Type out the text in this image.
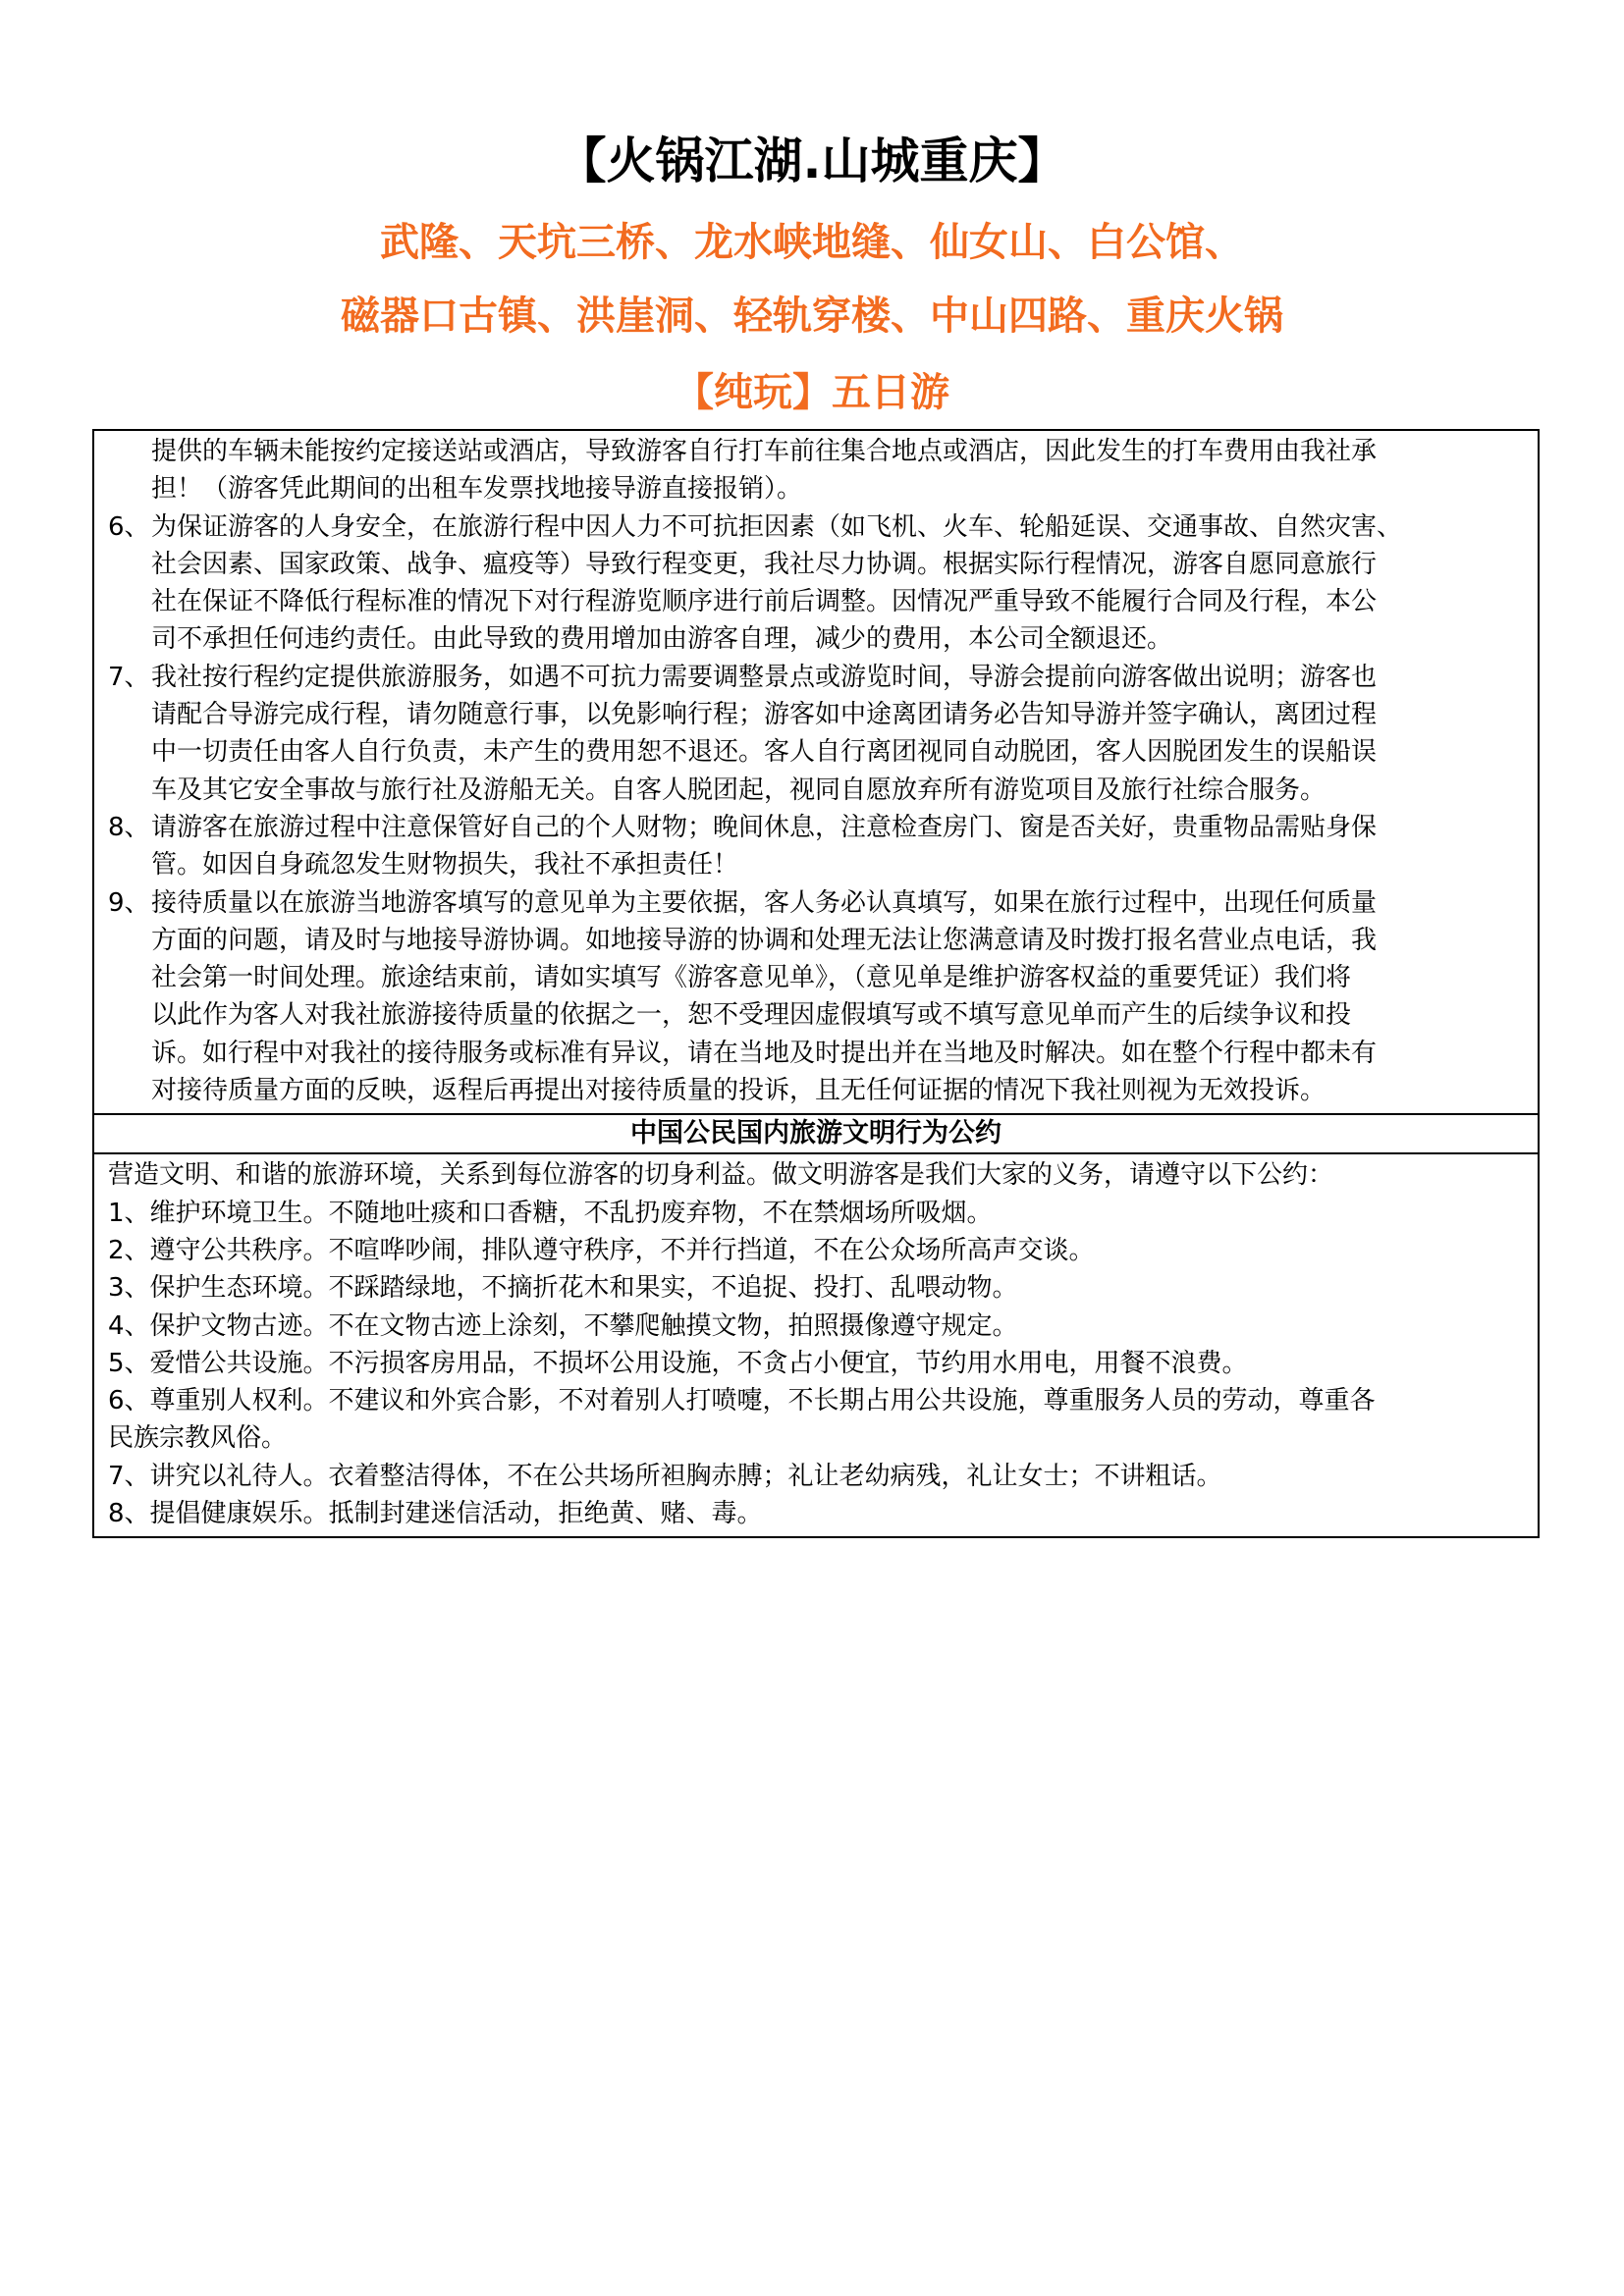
【火锅江湖.山城重庆】
武隆、天坑三桥、龙水峡地缝、仙女山、白公馆、
磁器口古镇、洪崖洞、轻轨穿楼、中山四路、重庆火锅
【纯玩】五日游
提供的车辆未能按约定接送站或酒店，导致游客自行打车前往集合地点或酒店，因此发生的打车费用由我社承
担！（游客凭此期间的出租车发票找地接导游直接报销）。
6、 为保证游客的人身安全，在旅游行程中因人力不可抗拒因素（如飞机、火车、轮船延误、交通事故、自然灾害、
社会因素、国家政策、战争、瘟疫等）导致行程变更，我社尽力协调。根据实际行程情况，游客自愿同意旅行
社在保证不降低行程标准的情况下对行程游览顺序进行前后调整。因情况严重导致不能履行合同及行程，本公
司不承担任何违约责任。由此导致的费用增加由游客自理，减少的费用，本公司全额退还。
7、 我社按行程约定提供旅游服务，如遇不可抗力需要调整景点或游览时间，导游会提前向游客做出说明；游客也
请配合导游完成行程，请勿随意行事，以免影响行程；游客如中途离团请务必告知导游并签字确认，离团过程
中一切责任由客人自行负责，未产生的费用恕不退还。客人自行离团视同自动脱团，客人因脱团发生的误船误
车及其它安全事故与旅行社及游船无关。自客人脱团起，视同自愿放弃所有游览项目及旅行社综合服务。
8、 请游客在旅游过程中注意保管好自己的个人财物；晚间休息，注意检查房门、窗是否关好，贵重物品需贴身保
管。如因自身疏忽发生财物损失，我社不承担责任！
9、 接待质量以在旅游当地游客填写的意见单为主要依据，客人务必认真填写，如果在旅行过程中，出现任何质量
方面的问题，请及时与地接导游协调。如地接导游的协调和处理无法让您满意请及时拨打报名营业点电话，我
社会第一时间处理。旅途结束前，请如实填写《游客意见单》，（意见单是维护游客权益的重要凭证）我们将
以此作为客人对我社旅游接待质量的依据之一，恕不受理因虚假填写或不填写意见单而产生的后续争议和投
诉。如行程中对我社的接待服务或标准有异议，请在当地及时提出并在当地及时解决。如在整个行程中都未有
对接待质量方面的反映，返程后再提出对接待质量的投诉，且无任何证据的情况下我社则视为无效投诉。
中国公民国内旅游文明行为公约
营造文明、和谐的旅游环境，关系到每位游客的切身利益。做文明游客是我们大家的义务，请遵守以下公约：
1、维护环境卫生。不随地吐痰和口香糖，不乱扔废弃物，不在禁烟场所吸烟。
2、遵守公共秩序。不喧哗吵闹，排队遵守秩序，不并行挡道，不在公众场所高声交谈。
3、保护生态环境。不踩踏绿地，不摘折花木和果实，不追捉、投打、乱喂动物。
4、保护文物古迹。不在文物古迹上涂刻，不攀爬触摸文物，拍照摄像遵守规定。
5、爱惜公共设施。不污损客房用品，不损坏公用设施，不贪占小便宜，节约用水用电，用餐不浪费。
6、尊重别人权利。不建议和外宾合影，不对着别人打喷嚏，不长期占用公共设施，尊重服务人员的劳动，尊重各
民族宗教风俗。
7、讲究以礼待人。衣着整洁得体，不在公共场所袒胸赤膊；礼让老幼病残，礼让女士；不讲粗话。
8、提倡健康娱乐。抵制封建迷信活动，拒绝黄、赌、毒。
